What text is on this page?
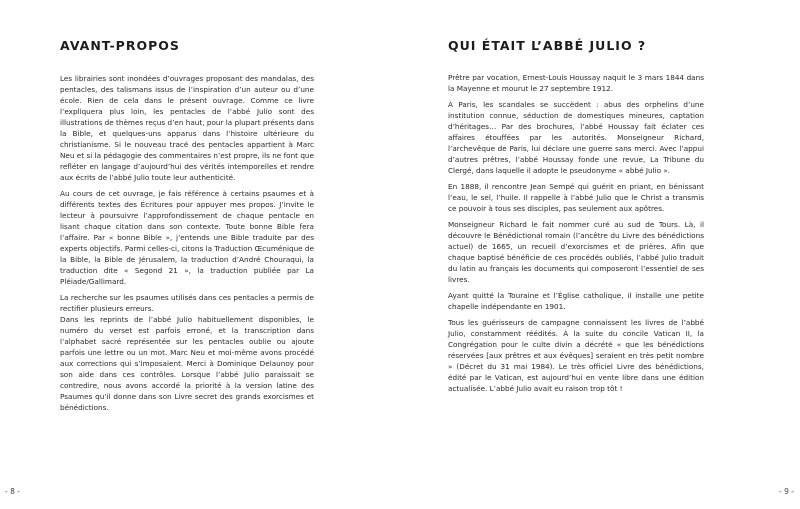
AVANT-PROPOS

Les librairies sont inondées d’ouvrages proposant des mandalas, des pentacles, des talismans issus de l’inspiration d’un auteur ou d’une école. Rien de cela dans le présent ouvrage. Comme ce livre l’expliquera plus loin, les pentacles de l’abbé Julio sont des illustrations de thèmes reçus d’en haut, pour la plupart présents dans la Bible, et quelques-uns apparus dans l’histoire ultérieure du christianisme. Si le nouveau tracé des pentacles appartient à Marc Neu et si la pédagogie des commentaires n’est propre, ils ne font que refléter en langage d’aujourd’hui des vérités intemporelles et rendre aux écrits de l’abbé Julio toute leur authenticité.

Au cours de cet ouvrage, je fais référence à certains psaumes et à différents textes des Écritures pour appuyer mes propos. J’invite le lecteur à poursuivre l’approfondissement de chaque pentacle en lisant chaque citation dans son contexte. Toute bonne Bible fera l’affaire. Par « bonne Bible », j’entends une Bible traduite par des experts objectifs. Parmi celles-ci, citons la Traduction Œcuménique de la Bible, la Bible de Jérusalem, la traduction d’André Chouraqui, la traduction dite « Segond 21 », la traduction publiée par La Pléiade/Gallimard.

La recherche sur les psaumes utilisés dans ces pentacles a permis de rectifier plusieurs erreurs.

Dans les reprints de l’abbé Julio habituellement disponibles, le numéro du verset est parfois erroné, et la transcription dans l’alphabet sacré représentée sur les pentacles oublie ou ajoute parfois une lettre ou un mot. Marc Neu et moi-même avons procédé aux corrections qui s’imposaient. Merci à Dominique Delaunoy pour son aide dans ces contrôles. Lorsque l’abbé Julio paraissait se contredire, nous avons accordé la priorité à la version latine des Psaumes qu’il donne dans son Livre secret des grands exorcismes et bénédictions.

- 8 -
QUI ÉTAIT L’ABBÉ JULIO ?

Prêtre par vocation, Ernest-Louis Houssay naquit le 3 mars 1844 dans la Mayenne et mourut le 27 septembre 1912.

À Paris, les scandales se succèdent : abus des orphelins d’une institution connue, séduction de domestiques mineures, captation d’héritages… Par des brochures, l’abbé Houssay fait éclater ces affaires étouffées par les autorités. Monseigneur Richard, l’archevêque de Paris, lui déclare une guerre sans merci. Avec l’appui d’autres prêtres, l’abbé Houssay fonde une revue, La Tribune du Clergé, dans laquelle il adopte le pseudonyme « abbé Julio ».

En 1888, il rencontre Jean Sempé qui guérit en priant, en bénissant l’eau, le sel, l’huile. Il rappelle à l’abbé Julio que le Christ a transmis ce pouvoir à tous ses disciples, pas seulement aux apôtres.

Monseigneur Richard le fait nommer curé au sud de Tours. Là, il découvre le Bénédictional romain (l’ancêtre du Livre des bénédictions actuel) de 1665, un recueil d’exorcismes et de prières. Afin que chaque baptisé bénéficie de ces procédés oubliés, l’abbé Julio traduit du latin au français les documents qui composeront l’essentiel de ses livres.

Ayant quitté la Touraine et l’Église catholique, il installe une petite chapelle indépendante en 1901.

Tous les guérisseurs de campagne connaissent les livres de l’abbé Julio, constamment réédités. À la suite du concile Vatican II, la Congrégation pour le culte divin a décrété « que les bénédictions réservées [aux prêtres et aux évêques] seraient en très petit nombre » (Décret du 31 mai 1984). Le très officiel Livre des bénédictions, édité par le Vatican, est aujourd’hui en vente libre dans une édition actualisée. L’abbé Julio avait eu raison trop tôt !

- 9 -
